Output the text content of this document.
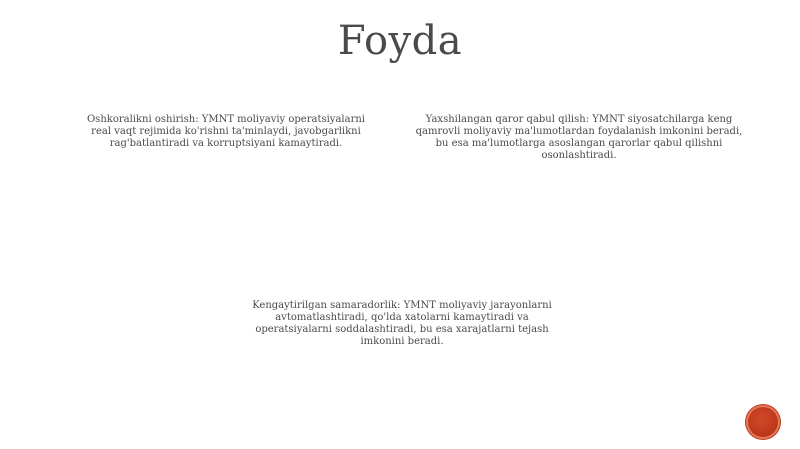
Foyda

Oshkoralikni oshirish: YMNT moliyaviy operatsiyalarni real vaqt rejimida ko'rishni ta'minlaydi, javobgarlikni rag'batlantiradi va korruptsiyani kamaytiradi.

Yaxshilangan qaror qabul qilish: YMNT siyosatchilarga keng qamrovli moliyaviy ma'lumotlardan foydalanish imkonini beradi, bu esa ma'lumotlarga asoslangan qarorlar qabul qilishni osonlashtiradi.

Kengaytirilgan samaradorlik: YMNT moliyaviy jarayonlarni avtomatlashtiradi, qo'lda xatolarni kamaytiradi va operatsiyalarni soddalashtiradi, bu esa xarajatlarni tejash imkonini beradi.
